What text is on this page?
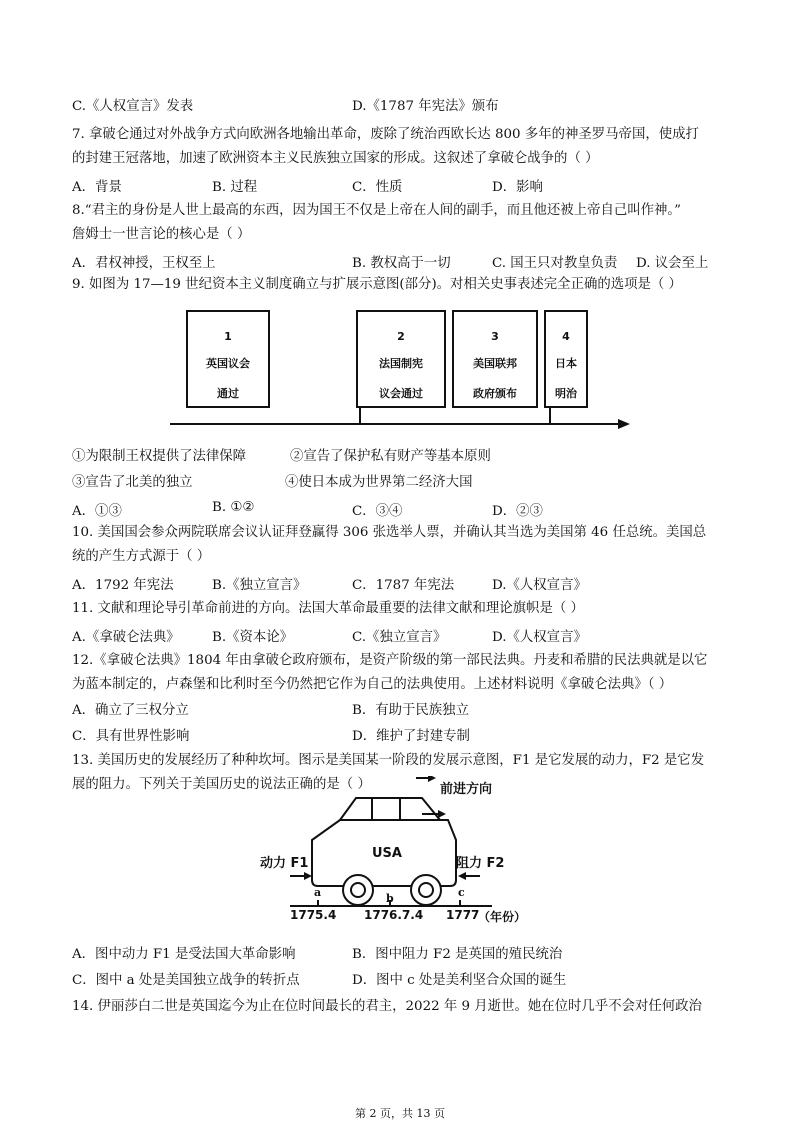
C.《人权宣言》发表	D.《1787 年宪法》颁布
7. 拿破仑通过对外战争方式向欧洲各地输出革命，废除了统治西欧长达 800 多年的神圣罗马帝国，使成打
的封建王冠落地，加速了欧洲资本主义民族独立国家的形成。这叙述了拿破仑战争的（ ）
A．背景	B. 过程	C．性质	D．影响
8.“君主的身份是人世上最高的东西，因为国王不仅是上帝在人间的副手，而且他还被上帝自己叫作神。”
詹姆士一世言论的核心是（ ）
A．君权神授，王权至上	B. 教权高于一切	C. 国王只对教皇负责 D. 议会至上
9. 如图为 17—19 世纪资本主义制度确立与扩展示意图(部分)。对相关史事表述完全正确的选项是（ ）
1
英国议会
通过
2
法国制宪
议会通过
3
美国联邦
政府颁布
4
日本
明治
①为限制王权提供了法律保障	②宣告了保护私有财产等基本原则
③宣告了北美的独立	④使日本成为世界第二经济大国
A．①③	B. ①②	C．③④	D．②③
10. 美国国会参众两院联席会议认证拜登赢得 306 张选举人票，并确认其当选为美国第 46 任总统。美国总
统的产生方式源于（ ）
A．1792 年宪法	B.《独立宣言》	C．1787 年宪法	D.《人权宣言》
11. 文献和理论导引革命前进的方向。法国大革命最重要的法律文献和理论旗帜是（ ）
A.《拿破仑法典》 B.《资本论》	C.《独立宣言》	D.《人权宣言》
12.《拿破仑法典》1804 年由拿破仑政府颁布，是资产阶级的第一部民法典。丹麦和希腊的民法典就是以它
为蓝本制定的，卢森堡和比利时至今仍然把它作为自己的法典使用。上述材料说明《拿破仑法典》（ ）
A．确立了三权分立	B．有助于民族独立
C．具有世界性影响	D．维护了封建专制
13. 美国历史的发展经历了种种坎坷。图示是美国某一阶段的发展示意图，F1 是它发展的动力，F2 是它发
展的阻力。下列关于美国历史的说法正确的是（ ）	前进方向
动力 F1	阻力 F2
USA
a	b	c
1775.4 1776.7.4 1777
（年份）
A．图中动力 F1 是受法国大革命影响	B．图中阻力 F2 是英国的殖民统治
C．图中 a 处是美国独立战争的转折点	D．图中 c 处是美利坚合众国的诞生
14. 伊丽莎白二世是英国迄今为止在位时间最长的君主，2022 年 9 月逝世。她在位时几乎不会对任何政治
第 2 页，共 13 页
